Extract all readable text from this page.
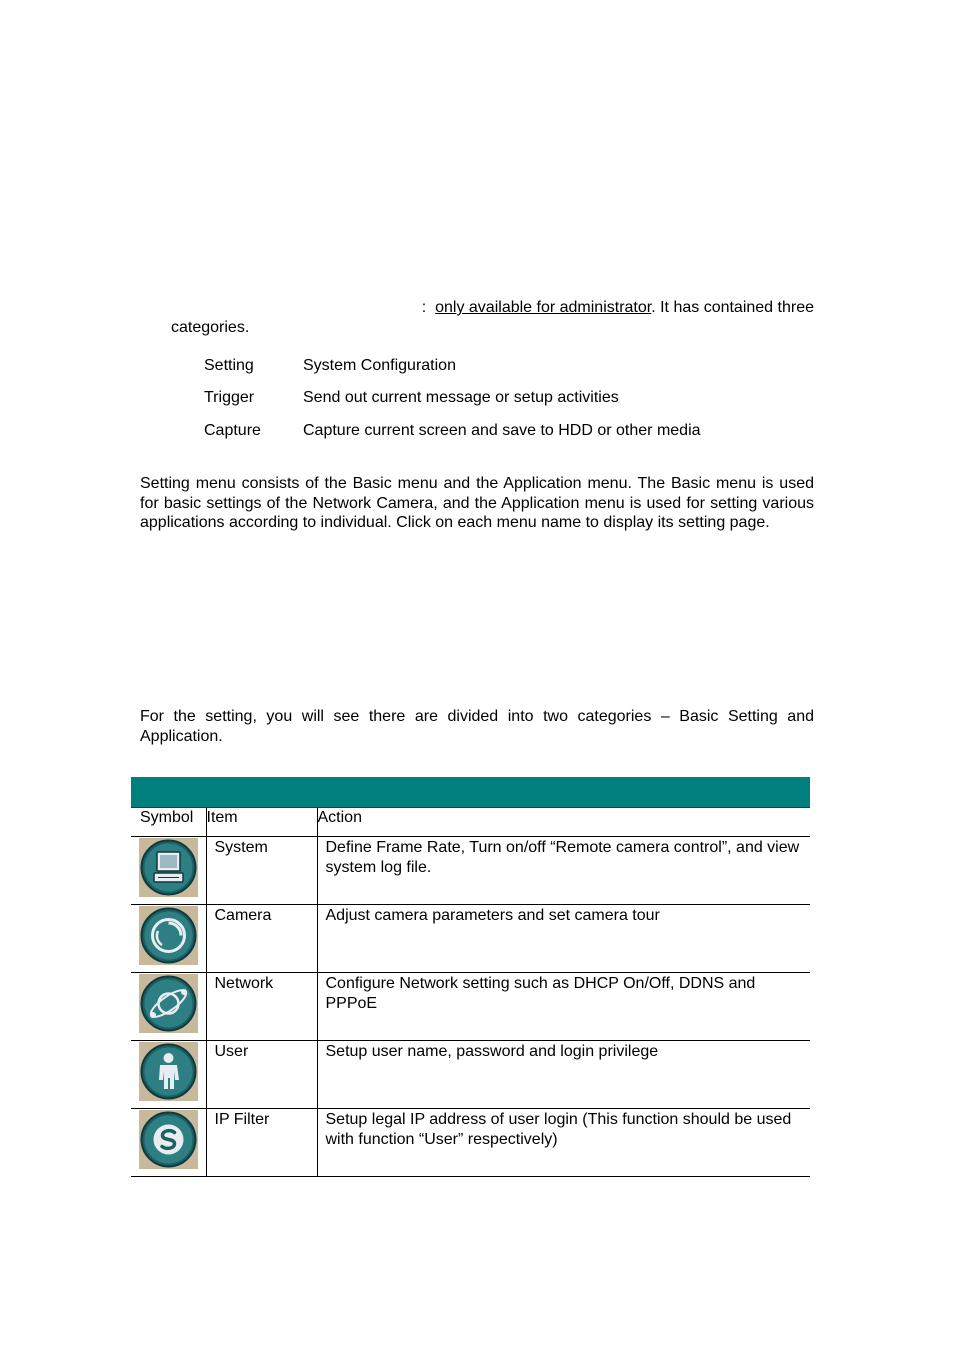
: only available for administrator. It has contained three
categories.
Setting	System Configuration
Trigger	Send out current message or setup activities
Capture	Capture current screen and save to HDD or other media
Setting menu consists of the Basic menu and the Application menu. The Basic menu is used for basic settings of the Network Camera, and the Application menu is used for setting various applications according to individual. Click on each menu name to display its setting page.
For the setting, you will see there are divided into two categories – Basic Setting and Application.

Symbol	Item	Action

	System	Define Frame Rate, Turn on/off “Remote camera control”, and view system log file.

	Camera	Adjust camera parameters and set camera tour

	Network	Configure Network setting such as DHCP On/Off, DDNS and PPPoE

	User	Setup user name, password and login privilege

	IP Filter	Setup legal IP address of user login (This function should be used with function “User” respectively)
